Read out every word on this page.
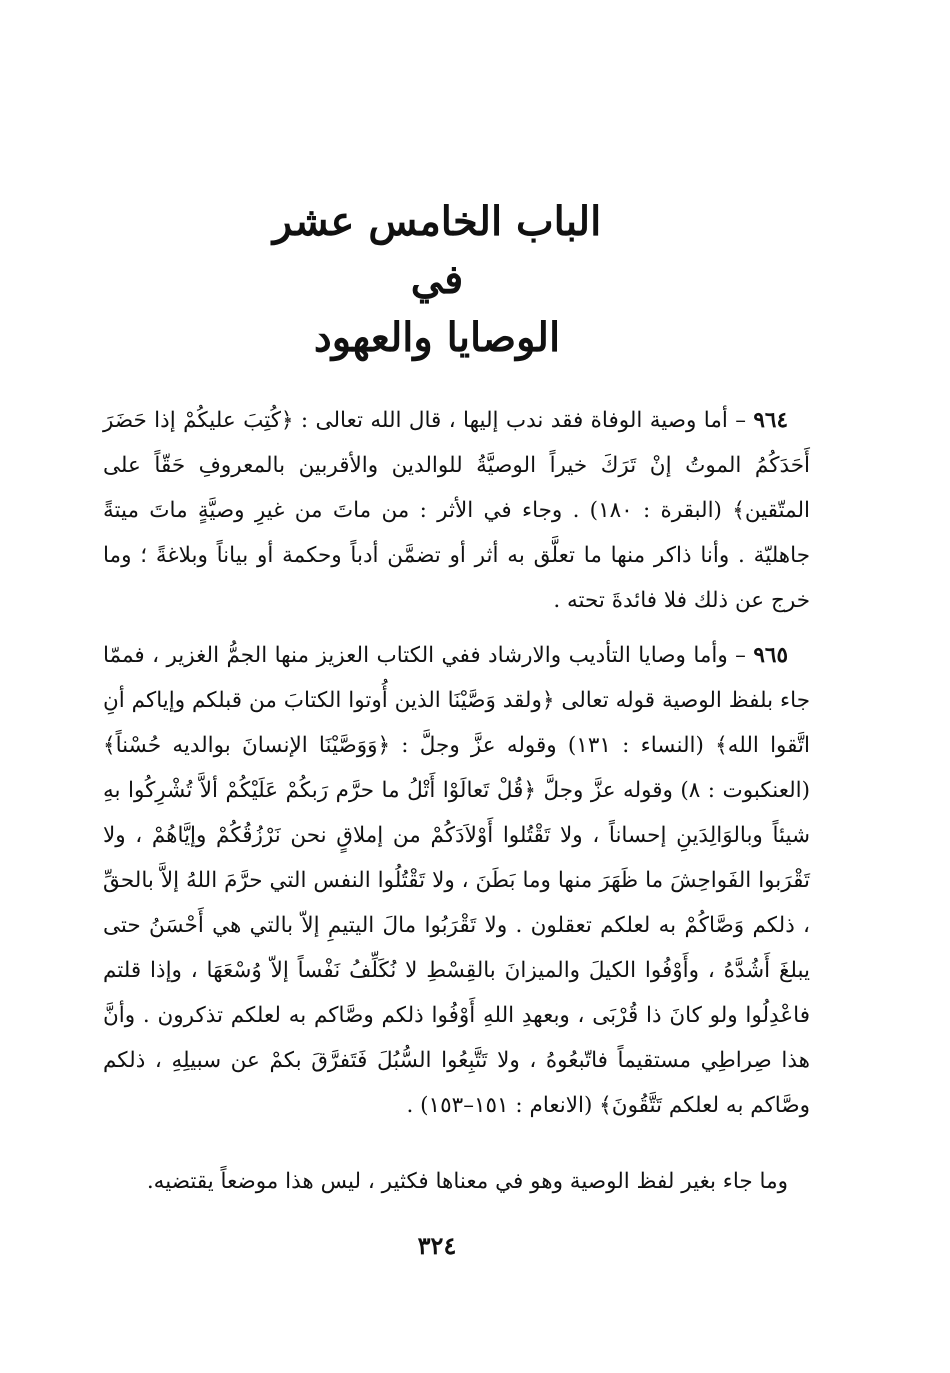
الباب الخامس عشر
في
الوصايا والعهود

٩٦٤ – أما وصية الوفاة فقد ندب إليها ، قال الله تعالى : ﴿كُتِبَ عليكُمْ إذا حَضَرَ أَحَدَكُمُ الموتُ إنْ تَرَكَ خيراً الوصيَّةُ للوالدين والأقربين بالمعروفِ حَقّاً على المتّقين﴾ (البقرة : ١٨٠) . وجاء في الأثر : من ماتَ من غيرِ وصيَّةٍ ماتَ ميتةً جاهليّة . وأنا ذاكر منها ما تعلَّق به أثر أو تضمَّن أدباً وحكمة أو بياناً وبلاغةً ؛ وما خرج عن ذلك فلا فائدةَ تحته .

٩٦٥ – وأما وصايا التأديب والارشاد ففي الكتاب العزيز منها الجمُّ الغزير ، فممّا جاء بلفظ الوصية قوله تعالى ﴿ولقد وَصَّيْنَا الذين أُوتوا الكتابَ من قبلكم وإياكم أنِ اتَّقوا الله﴾ (النساء : ١٣١) وقوله عزَّ وجلَّ : ﴿وَوَصَّيْنَا الإنسانَ بوالديه حُسْناً﴾ (العنكبوت : ٨) وقوله عزَّ وجلَّ ﴿قُلْ تَعالَوْا أَتْلُ ما حرَّم رَبكُمْ عَلَيْكُمْ ألاَّ تُشْرِكُوا بهِ شيئاً وبالوَالِدَينِ إحساناً ، ولا تَقْتُلوا أَوْلاَدَكُمْ من إملاقٍ نحن نَرْزُقُكُمْ وإيَّاهُمْ ، ولا تَقْرَبوا الفَواحِشَ ما ظَهَرَ منها وما بَطَنَ ، ولا تَقْتُلُوا النفس التي حرَّمَ اللهُ إلاَّ بالحقِّ ، ذلكم وَصَّاكُمْ به لعلكم تعقلون . ولا تَقْرَبُوا مالَ اليتيمِ إلاّ بالتي هي أَحْسَنُ حتى يبلغَ أَشُدَّهُ ، وأَوْفُوا الكيلَ والميزانَ بالقِسْطِ لا نُكَلِّفُ نَفْساً إلاّ وُسْعَهَا ، وإذا قلتم فاعْدِلُوا ولو كانَ ذا قُرْبَى ، وبعهدِ اللهِ أَوْفُوا ذلكم وصَّاكم به لعلكم تذكرون . وأنَّ هذا صِراطِي مستقيماً فاتّبعُوهُ ، ولا تَتَّبِعُوا السُّبُلَ فَتَفرَّقَ بكمْ عن سبيلِهِ ، ذلكم وصَّاكم به لعلكم تَتَّقُونَ﴾ (الانعام : ١٥١–١٥٣) .

وما جاء بغير لفظ الوصية وهو في معناها فكثير ، ليس هذا موضعاً يقتضيه.
٣٢٤
